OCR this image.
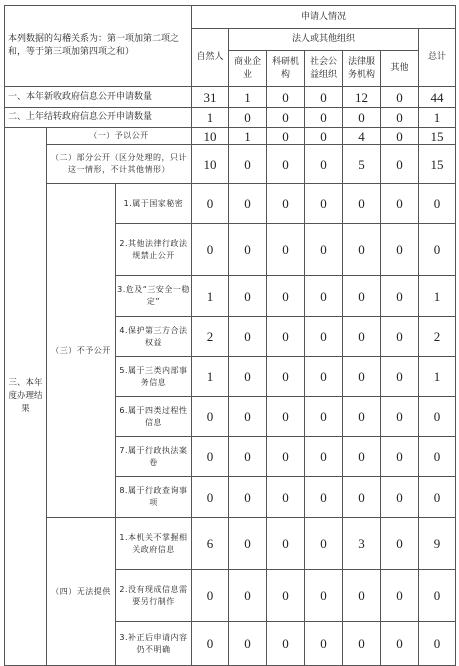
本列数据的勾稽关系为：第一项加第二项之和，等于第三项加第四项之和）			申请人情况						
			自然人	法人或其他组织					总计
				商业企业	科研机构	社会公益组织	法律服务机构	其他	
一、本年新收政府信息公开申请数量			31	1	0	0	12	0	44
二、上年结转政府信息公开申请数量			1	0	0	0	0	0	1
三、本年度办理结果	（一）予以公开		10	1	0	0	4	0	15
	（二）部分公开（区分处理的，只计这一情形，不计其他情形）		10	0	0	0	5	0	15
	（三）不予公开	1.属于国家秘密	0	0	0	0	0	0	0
		2.其他法律行政法规禁止公开	0	0	0	0	0	0	0
		3.危及“三安全一稳定”	1	0	0	0	0	0	1
		4.保护第三方合法权益	2	0	0	0	0	0	2
		5.属于三类内部事务信息	1	0	0	0	0	0	1
		6.属于四类过程性信息	0	0	0	0	0	0	0
		7.属于行政执法案卷	0	0	0	0	0	0	0
		8.属于行政查询事项	0	0	0	0	0	0	0
	（四）无法提供	1.本机关不掌握相关政府信息	6	0	0	0	3	0	9
		2.没有现成信息需要另行制作	0	0	0	0	0	0	0
		3.补正后申请内容仍不明确	0	0	0	0	0	0	0
